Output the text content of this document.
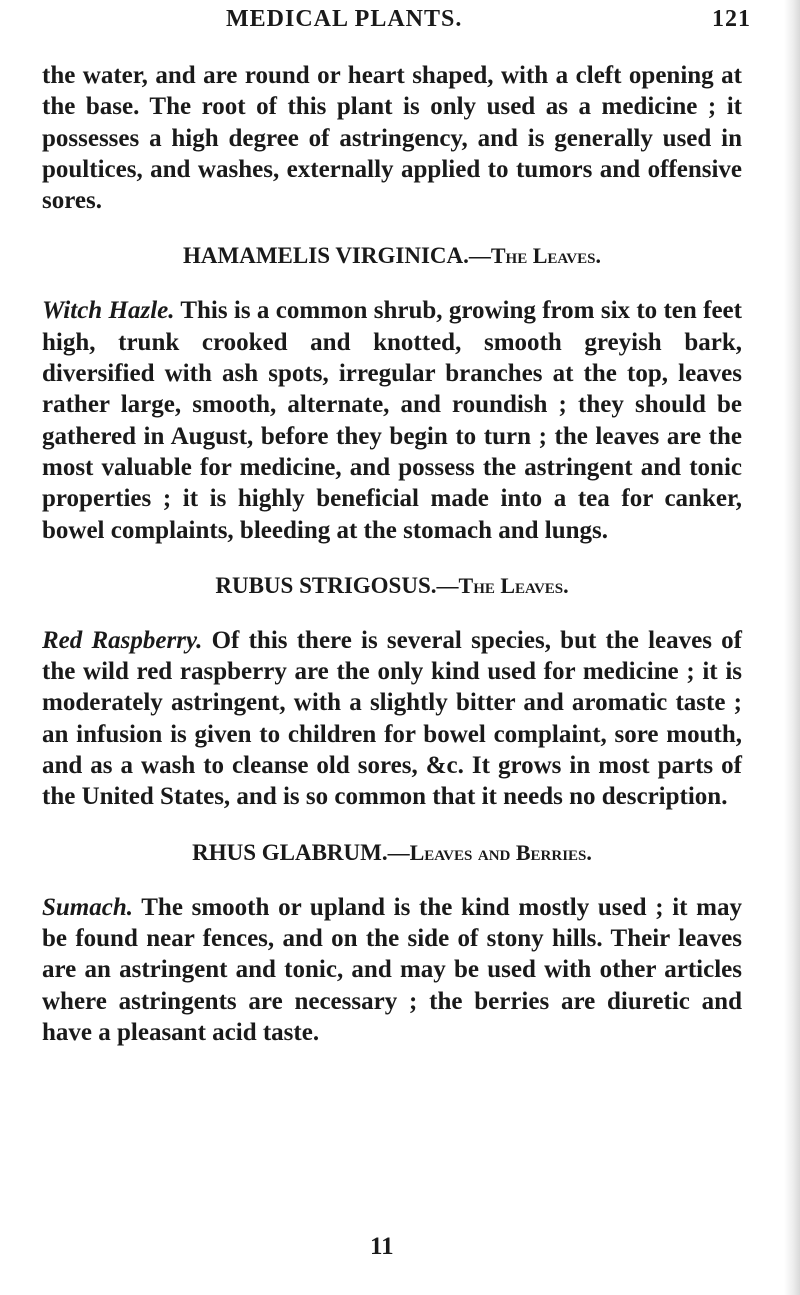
MEDICAL PLANTS.	121

the water, and are round or heart shaped, with a cleft opening at the base. The root of this plant is only used as a medicine ; it possesses a high degree of astringency, and is generally used in poultices, and washes, externally applied to tumors and offensive sores.

HAMAMELIS VIRGINICA.—The Leaves.

Witch Hazle. This is a common shrub, growing from six to ten feet high, trunk crooked and knotted, smooth greyish bark, diversified with ash spots, irregular branches at the top, leaves rather large, smooth, alternate, and roundish ; they should be gathered in August, before they begin to turn ; the leaves are the most valuable for medicine, and possess the astringent and tonic properties ; it is highly beneficial made into a tea for canker, bowel complaints, bleeding at the stomach and lungs.

RUBUS STRIGOSUS.—The Leaves.

Red Raspberry. Of this there is several species, but the leaves of the wild red raspberry are the only kind used for medicine ; it is moderately astringent, with a slightly bitter and aromatic taste ; an infusion is given to children for bowel complaint, sore mouth, and as a wash to cleanse old sores, &c. It grows in most parts of the United States, and is so common that it needs no description.

RHUS GLABRUM.—Leaves and Berries.

Sumach. The smooth or upland is the kind mostly used ; it may be found near fences, and on the side of stony hills. Their leaves are an astringent and tonic, and may be used with other articles where astringents are necessary ; the berries are diuretic and have a pleasant acid taste.

11
